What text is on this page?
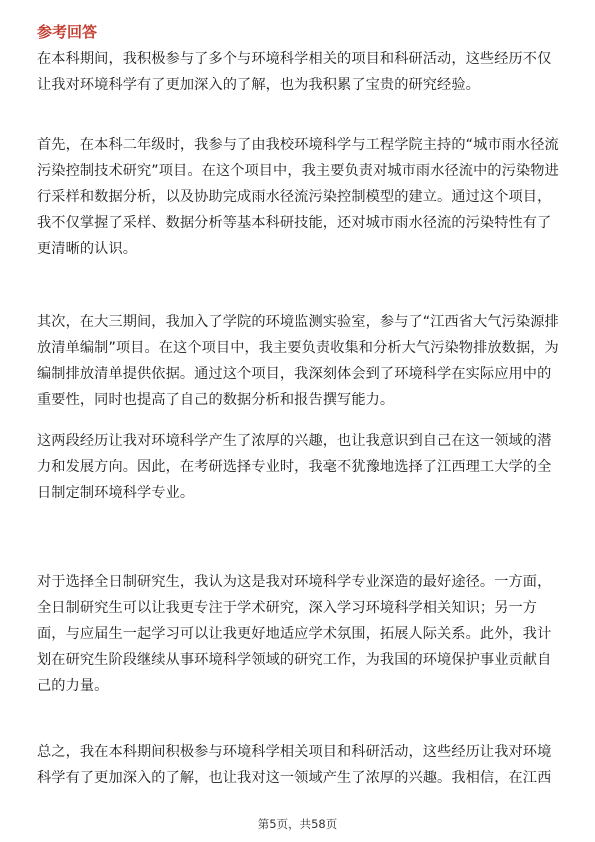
参考回答
在本科期间，我积极参与了多个与环境科学相关的项目和科研活动，这些经历不仅
让我对环境科学有了更加深入的了解，也为我积累了宝贵的研究经验。
首先，在本科二年级时，我参与了由我校环境科学与工程学院主持的“城市雨水径流
污染控制技术研究”项目。在这个项目中，我主要负责对城市雨水径流中的污染物进
行采样和数据分析，以及协助完成雨水径流污染控制模型的建立。通过这个项目，
我不仅掌握了采样、数据分析等基本科研技能，还对城市雨水径流的污染特性有了
更清晰的认识。
其次，在大三期间，我加入了学院的环境监测实验室，参与了“江西省大气污染源排
放清单编制”项目。在这个项目中，我主要负责收集和分析大气污染物排放数据，为
编制排放清单提供依据。通过这个项目，我深刻体会到了环境科学在实际应用中的
重要性，同时也提高了自己的数据分析和报告撰写能力。
这两段经历让我对环境科学产生了浓厚的兴趣，也让我意识到自己在这一领域的潜
力和发展方向。因此，在考研选择专业时，我毫不犹豫地选择了江西理工大学的全
日制定制环境科学专业。
对于选择全日制研究生，我认为这是我对环境科学专业深造的最好途径。一方面，
全日制研究生可以让我更专注于学术研究，深入学习环境科学相关知识；另一方
面，与应届生一起学习可以让我更好地适应学术氛围，拓展人际关系。此外，我计
划在研究生阶段继续从事环境科学领域的研究工作，为我国的环境保护事业贡献自
己的力量。
总之，我在本科期间积极参与环境科学相关项目和科研活动，这些经历让我对环境
科学有了更加深入的了解，也让我对这一领域产生了浓厚的兴趣。我相信，在江西
第5页，共58页
